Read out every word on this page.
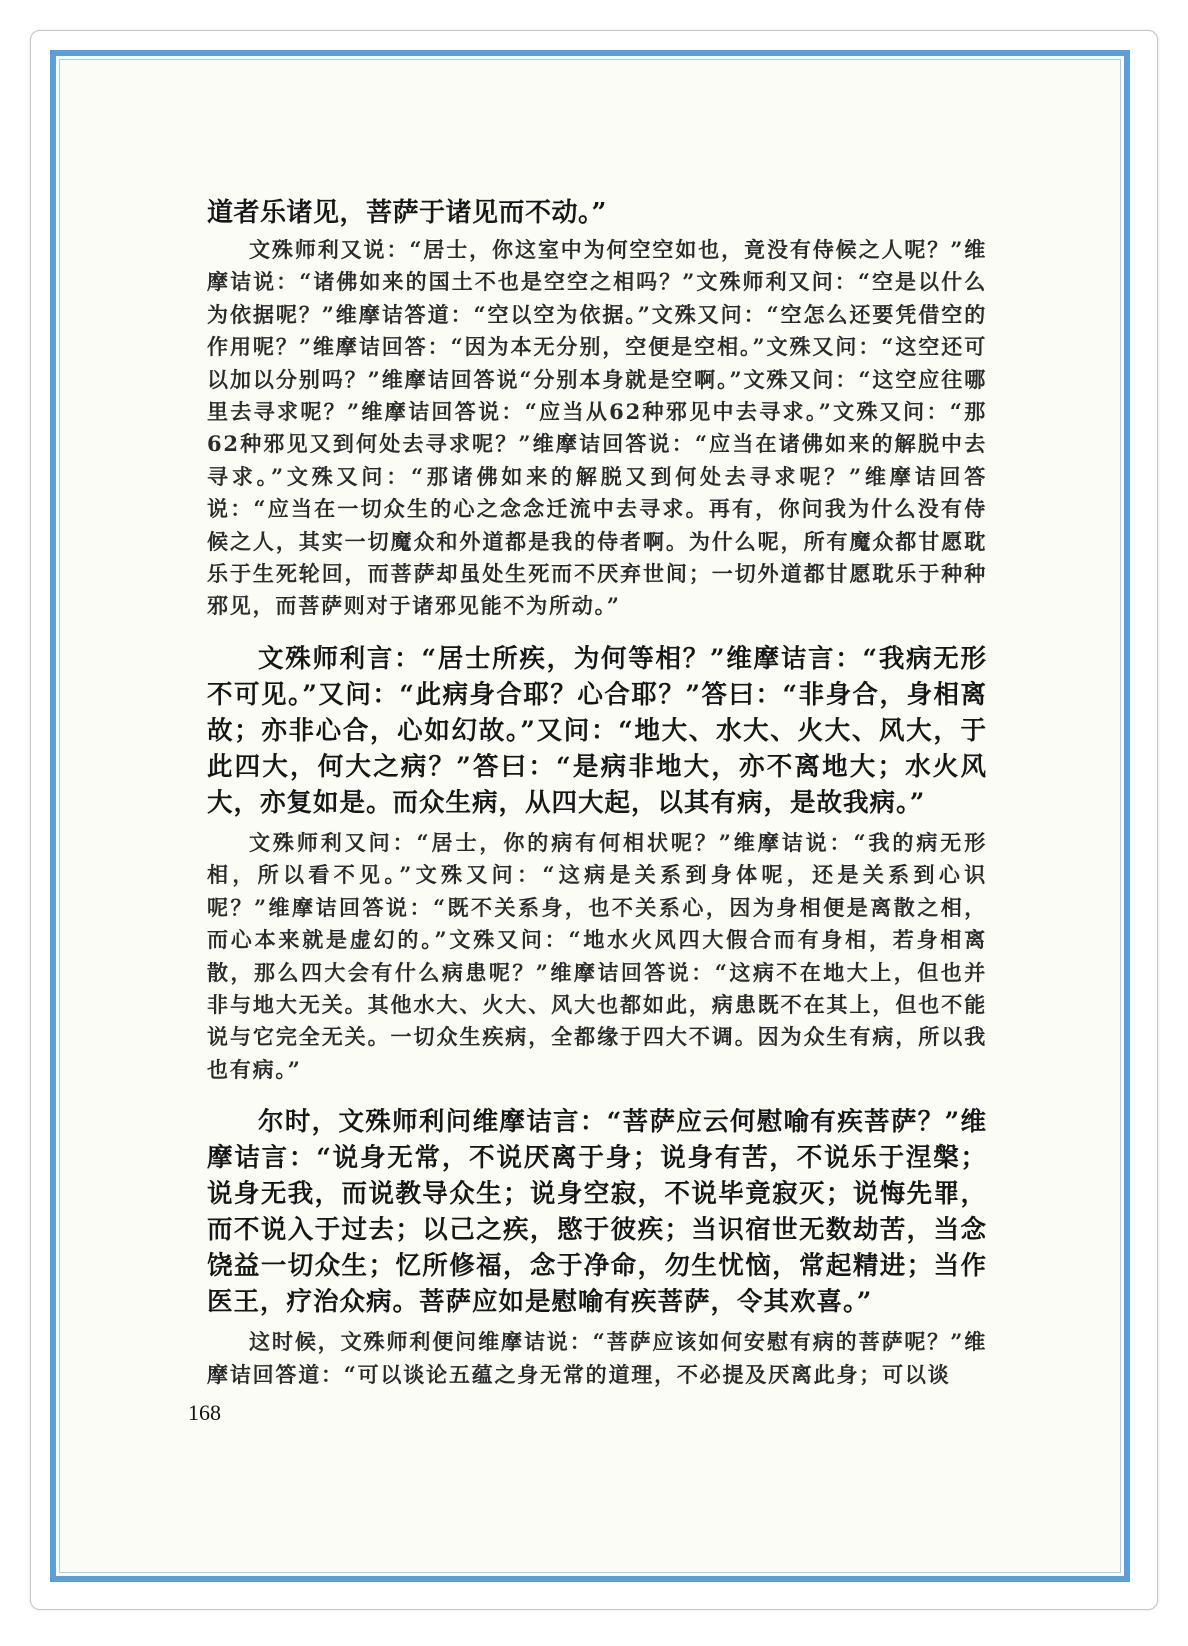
道者乐诸见，菩萨于诸见而不动。”

文殊师利又说：“居士，你这室中为何空空如也，竟没有侍候之人呢？”维摩诘说：“诸佛如来的国土不也是空空之相吗？”文殊师利又问：“空是以什么为依据呢？”维摩诘答道：“空以空为依据。”文殊又问：“空怎么还要凭借空的作用呢？”维摩诘回答：“因为本无分别，空便是空相。”文殊又问：“这空还可以加以分别吗？”维摩诘回答说“分别本身就是空啊。”文殊又问：“这空应往哪里去寻求呢？”维摩诘回答说：“应当从62种邪见中去寻求。”文殊又问：“那62种邪见又到何处去寻求呢？”维摩诘回答说：“应当在诸佛如来的解脱中去寻求。”文殊又问：“那诸佛如来的解脱又到何处去寻求呢？”维摩诘回答说：“应当在一切众生的心之念念迁流中去寻求。再有，你问我为什么没有侍候之人，其实一切魔众和外道都是我的侍者啊。为什么呢，所有魔众都甘愿耽乐于生死轮回，而菩萨却虽处生死而不厌弃世间；一切外道都甘愿耽乐于种种邪见，而菩萨则对于诸邪见能不为所动。”

文殊师利言：“居士所疾，为何等相？”维摩诘言：“我病无形不可见。”又问：“此病身合耶？心合耶？”答曰：“非身合，身相离故；亦非心合，心如幻故。”又问：“地大、水大、火大、风大，于此四大，何大之病？”答曰：“是病非地大，亦不离地大；水火风大，亦复如是。而众生病，从四大起，以其有病，是故我病。”

文殊师利又问：“居士，你的病有何相状呢？”维摩诘说：“我的病无形相，所以看不见。”文殊又问：“这病是关系到身体呢，还是关系到心识呢？”维摩诘回答说：“既不关系身，也不关系心，因为身相便是离散之相，而心本来就是虚幻的。”文殊又问：“地水火风四大假合而有身相，若身相离散，那么四大会有什么病患呢？”维摩诘回答说：“这病不在地大上，但也并非与地大无关。其他水大、火大、风大也都如此，病患既不在其上，但也不能说与它完全无关。一切众生疾病，全都缘于四大不调。因为众生有病，所以我也有病。”

尔时，文殊师利问维摩诘言：“菩萨应云何慰喻有疾菩萨？”维摩诘言：“说身无常，不说厌离于身；说身有苦，不说乐于涅槃；说身无我，而说教导众生；说身空寂，不说毕竟寂灭；说悔先罪，而不说入于过去；以己之疾，愍于彼疾；当识宿世无数劫苦，当念饶益一切众生；忆所修福，念于净命，勿生忧恼，常起精进；当作医王，疗治众病。菩萨应如是慰喻有疾菩萨，令其欢喜。”

这时候，文殊师利便问维摩诘说：“菩萨应该如何安慰有病的菩萨呢？”维摩诘回答道：“可以谈论五蕴之身无常的道理，不必提及厌离此身；可以谈

168
